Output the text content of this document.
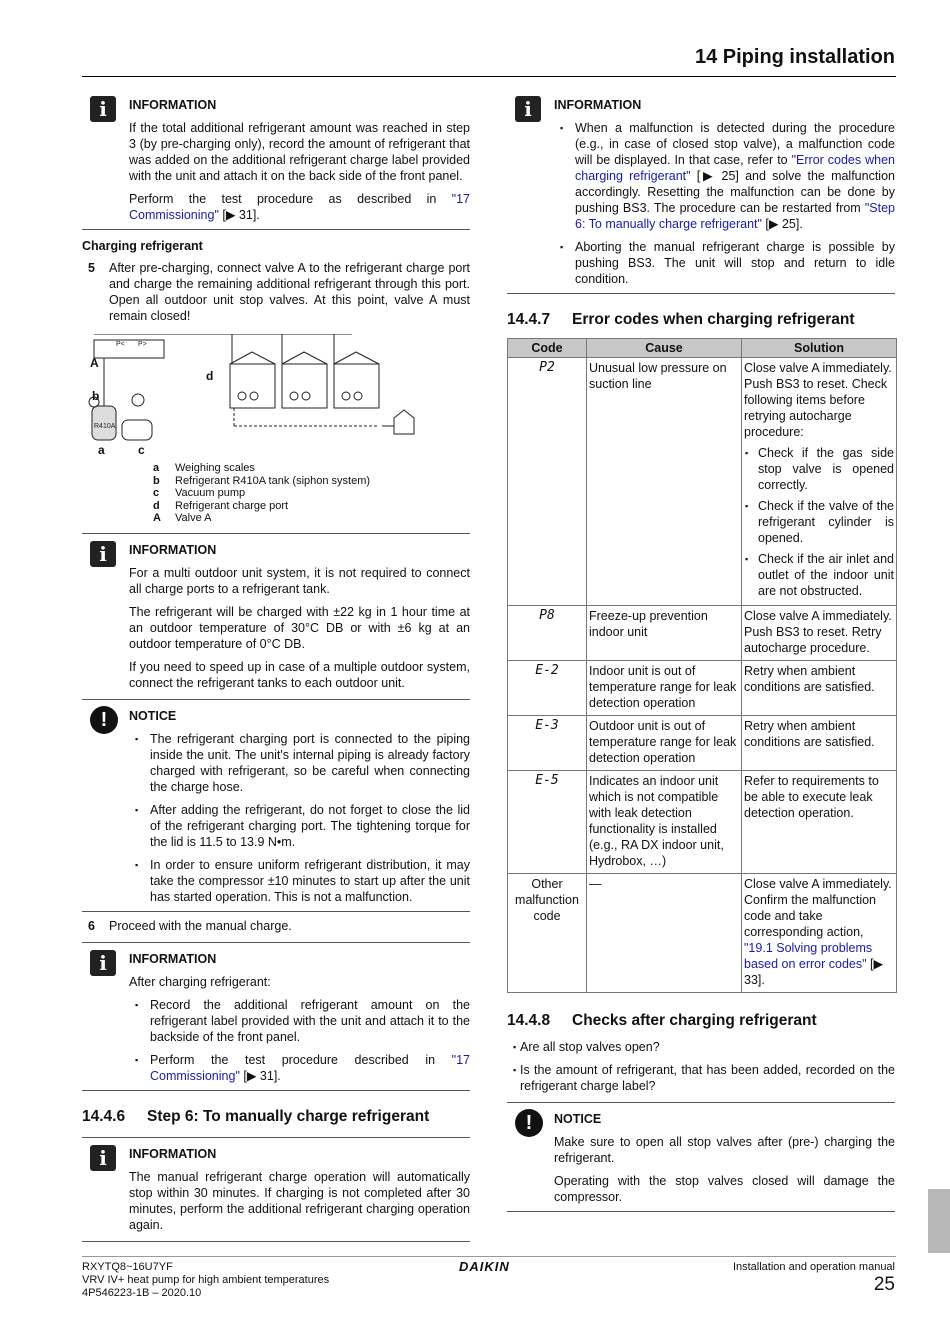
14 Piping installation
i	INFORMATION
If the total additional refrigerant amount was reached in step 3 (by pre-charging only), record the amount of refrigerant that was added on the additional refrigerant charge label provided with the unit and attach it on the back side of the front panel.
Perform the test procedure as described in "17 Commissioning" [▶ 31].
Charging refrigerant
5 After pre-charging, connect valve A to the refrigerant charge port and charge the remaining additional refrigerant through this port. Open all outdoor unit stop valves. At this point, valve A must remain closed!
P< P>
R410A
A
b
d
a	c
a Weighing scales
b Refrigerant R410A tank (siphon system)
c Vacuum pump
d Refrigerant charge port
A Valve A
i	INFORMATION
For a multi outdoor unit system, it is not required to connect all charge ports to a refrigerant tank.
The refrigerant will be charged with ±22 kg in 1 hour time at an outdoor temperature of 30°C DB or with ±6 kg at an outdoor temperature of 0°C DB.
If you need to speed up in case of a multiple outdoor system, connect the refrigerant tanks to each outdoor unit.
!	NOTICE
▪ The refrigerant charging port is connected to the piping inside the unit. The unit's internal piping is already factory charged with refrigerant, so be careful when connecting the charge hose.
▪ After adding the refrigerant, do not forget to close the lid of the refrigerant charging port. The tightening torque for the lid is 11.5 to 13.9 N•m.
▪ In order to ensure uniform refrigerant distribution, it may take the compressor ±10 minutes to start up after the unit has started operation. This is not a malfunction.
6 Proceed with the manual charge.
i	INFORMATION
After charging refrigerant:
▪ Record the additional refrigerant amount on the refrigerant label provided with the unit and attach it to the backside of the front panel.
▪ Perform the test procedure described in "17 Commissioning" [▶ 31].
14.4.6 Step 6: To manually charge refrigerant
i	INFORMATION
The manual refrigerant charge operation will automatically stop within 30 minutes. If charging is not completed after 30 minutes, perform the additional refrigerant charging operation again.
i	INFORMATION
▪ When a malfunction is detected during the procedure (e.g., in case of closed stop valve), a malfunction code will be displayed. In that case, refer to "Error codes when charging refrigerant" [▶ 25] and solve the malfunction accordingly. Resetting the malfunction can be done by pushing BS3. The procedure can be restarted from "Step 6: To manually charge refrigerant" [▶ 25].
▪ Aborting the manual refrigerant charge is possible by pushing BS3. The unit will stop and return to idle condition.
14.4.7 Error codes when charging refrigerant
Code	Cause	Solution
P2	Unusual low pressure on suction line	Close valve A immediately. Push BS3 to reset. Check following items before retrying autocharge procedure:
▪ Check if the gas side stop valve is opened correctly.
▪ Check if the valve of the refrigerant cylinder is opened.
▪ Check if the air inlet and outlet of the indoor unit are not obstructed.

P8	Freeze-up prevention indoor unit	Close valve A immediately. Push BS3 to reset. Retry autocharge procedure.
E-2	Indoor unit is out of temperature range for leak detection operation	Retry when ambient conditions are satisfied.
E-3	Outdoor unit is out of temperature range for leak detection operation	Retry when ambient conditions are satisfied.
E-5	Indicates an indoor unit which is not compatible with leak detection functionality is installed (e.g., RA DX indoor unit, Hydrobox, …)	Refer to requirements to be able to execute leak detection operation.
Other malfunction code	—	Close valve A immediately. Confirm the malfunction code and take corresponding action, "19.1 Solving problems based on error codes" [▶ 33].
14.4.8 Checks after charging refrigerant
▪ Are all stop valves open?
▪ Is the amount of refrigerant, that has been added, recorded on the refrigerant charge label?
!	NOTICE
Make sure to open all stop valves after (pre-) charging the refrigerant.
Operating with the stop valves closed will damage the compressor.
RXYTQ8~16U7YF
VRV IV+ heat pump for high ambient temperatures
4P546223-1B – 2020.10
DAIKIN	Installation and operation manual
25
